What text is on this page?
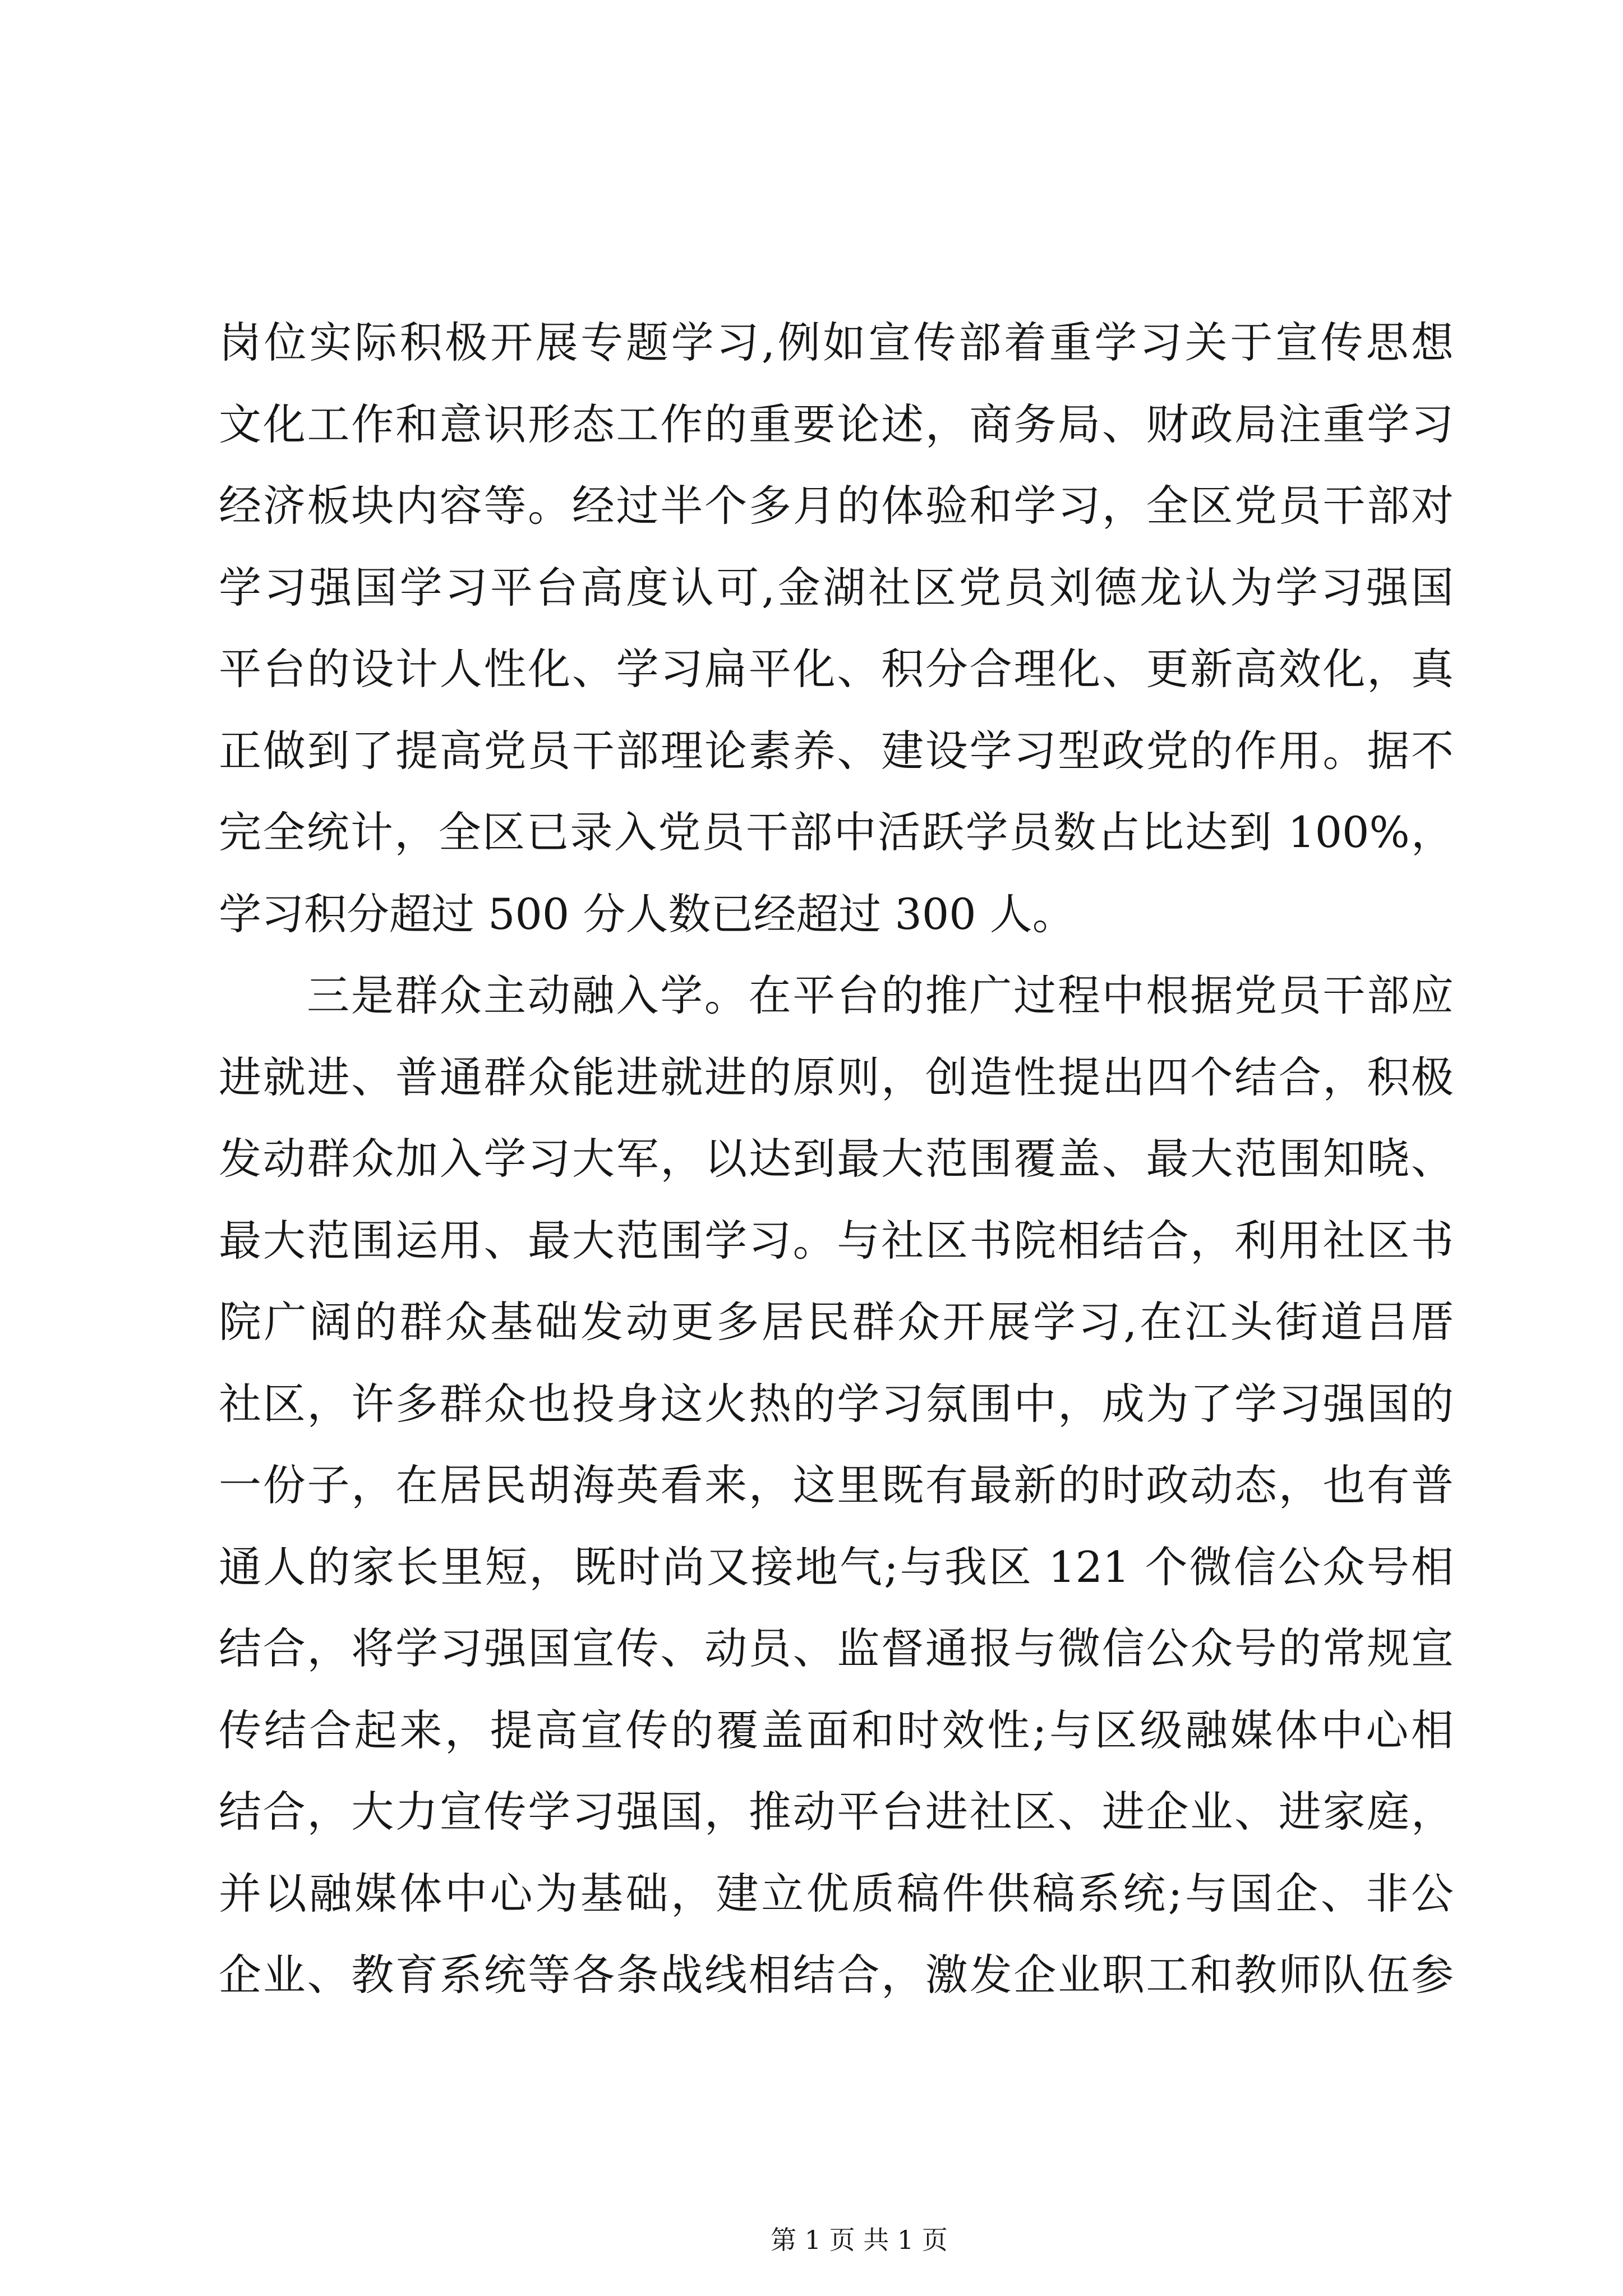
岗位实际积极开展专题学习,例如宣传部着重学习关于宣传思想
文化工作和意识形态工作的重要论述，商务局、财政局注重学习
经济板块内容等。经过半个多月的体验和学习，全区党员干部对
学习强国学习平台高度认可,金湖社区党员刘德龙认为学习强国
平台的设计人性化、学习扁平化、积分合理化、更新高效化，真
正做到了提高党员干部理论素养、建设学习型政党的作用。据不
完全统计，全区已录入党员干部中活跃学员数占比达到 100%，
学习积分超过 500 分人数已经超过 300 人。
三是群众主动融入学。在平台的推广过程中根据党员干部应
进就进、普通群众能进就进的原则，创造性提出四个结合，积极
发动群众加入学习大军，以达到最大范围覆盖、最大范围知晓、
最大范围运用、最大范围学习。与社区书院相结合，利用社区书
院广阔的群众基础发动更多居民群众开展学习,在江头街道吕厝
社区，许多群众也投身这火热的学习氛围中，成为了学习强国的
一份子，在居民胡海英看来，这里既有最新的时政动态，也有普
通人的家长里短，既时尚又接地气;与我区 121 个微信公众号相
结合，将学习强国宣传、动员、监督通报与微信公众号的常规宣
传结合起来，提高宣传的覆盖面和时效性;与区级融媒体中心相
结合，大力宣传学习强国，推动平台进社区、进企业、进家庭，
并以融媒体中心为基础，建立优质稿件供稿系统;与国企、非公
企业、教育系统等各条战线相结合，激发企业职工和教师队伍参
第 1 页 共 1 页
